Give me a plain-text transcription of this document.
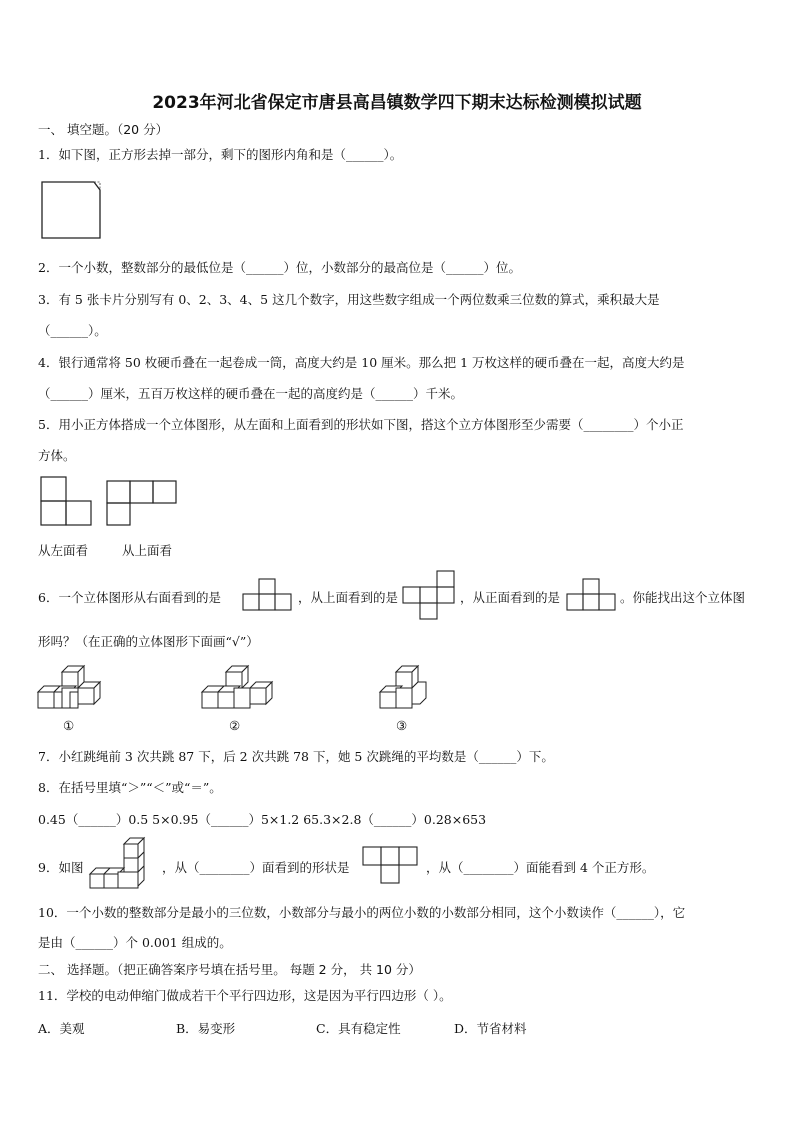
2023年河北省保定市唐县高昌镇数学四下期末达标检测模拟试题
一、 填空题。（20 分）
1．如下图，正方形去掉一部分，剩下的图形内角和是（______）。
2．一个小数，整数部分的最低位是（______）位，小数部分的最高位是（______）位。
3．有 5 张卡片分别写有 0、2、3、4、5 这几个数字，用这些数字组成一个两位数乘三位数的算式，乘积最大是
（______）。
4．银行通常将 50 枚硬币叠在一起卷成一筒，高度大约是 10 厘米。那么把 1 万枚这样的硬币叠在一起，高度大约是
（______）厘米，五百万枚这样的硬币叠在一起的高度约是（______）千米。
5．用小正方体搭成一个立体图形，从左面和上面看到的形状如下图，搭这个立方体图形至少需要（________）个小正
方体。
从左面看	从上面看
6．一个立体图形从右面看到的是	，从上面看到的是	，从正面看到的是	。你能找出这个立体图
形吗？（在正确的立体图形下面画“√”）
①	②	③
7．小红跳绳前 3 次共跳 87 下，后 2 次共跳 78 下，她 5 次跳绳的平均数是（______）下。
8．在括号里填“＞”“＜”或“＝”。
0.45（______）0.5 5×0.95（______）5×1.2 65.3×2.8（______）0.28×653
9．如图	，从（________）面看到的形状是	，从（________）面能看到 4 个正方形。
10．一个小数的整数部分是最小的三位数，小数部分与最小的两位小数的小数部分相同，这个小数读作（______），它
是由（______）个 0.001 组成的。
二、 选择题。（把正确答案序号填在括号里。 每题 2 分， 共 10 分）
11．学校的电动伸缩门做成若干个平行四边形，这是因为平行四边形（ ）。
A．美观	B．易变形	C．具有稳定性	D．节省材料
